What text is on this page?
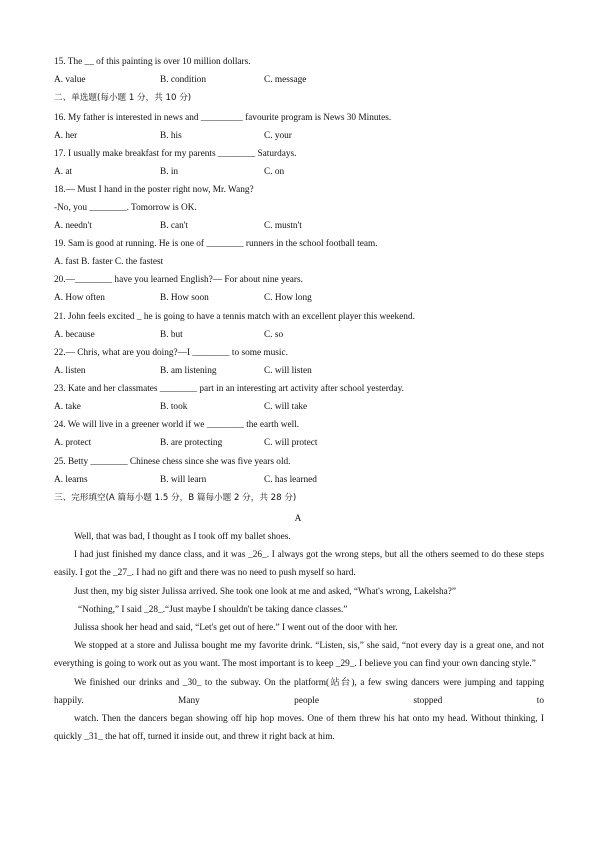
15. The __ of this painting is over 10 million dollars.
A. value	B. condition	C. message
二、单选题(每小题 1 分，共 10 分)
16. My father is interested in news and _________ favourite program is News 30 Minutes.
A. her	B. his	C. your
17. I usually make breakfast for my parents ________ Saturdays.
A. at	B. in	C. on
18.— Must I hand in the poster right now, Mr. Wang?
-No, you ________. Tomorrow is OK.
A. needn't	B. can't	C. mustn't
19. Sam is good at running. He is one of ________ runners in the school football team.
A. fast B. faster C. the fastest
20.—________ have you learned English?— For about nine years.
A. How often	B. How soon	C. How long
21. John feels excited _ he is going to have a tennis match with an excellent player this weekend.
A. because	B. but	C. so
22.— Chris, what are you doing?—I ________ to some music.
A. listen	B. am listening	C. will listen
23. Kate and her classmates ________ part in an interesting art activity after school yesterday.
A. take	B. took	C. will take
24. We will live in a greener world if we ________ the earth well.
A. protect	B. are protecting	C. will protect
25. Betty ________ Chinese chess since she was five years old.
A. learns	B. will learn	C. has learned
三、完形填空(A 篇每小题 1.5 分，B 篇每小题 2 分，共 28 分)
A

Well, that was bad, I thought as I took off my ballet shoes.

I had just finished my dance class, and it was _26_. I always got the wrong steps, but all the others seemed to do these steps easily. I got the _27_. I had no gift and there was no need to push myself so hard.

Just then, my big sister Julissa arrived. She took one look at me and asked, “What's wrong, Lakelsha?”

“Nothing,” I said _28_.“Just maybe I shouldn't be taking dance classes.”

Julissa shook her head and said, “Let's get out of here.” I went out of the door with her.

We stopped at a store and Julissa bought me my favorite drink. “Listen, sis,” she said, “not every day is a great one, and not everything is going to work out as you want. The most important is to keep _29_. I believe you can find your own dancing style.”

We finished our drinks and _30_ to the subway. On the platform(站台), a few swing dancers were jumping and tapping happily. Many people stopped to

watch. Then the dancers began showing off hip hop moves. One of them threw his hat onto my head. Without thinking, I quickly _31_ the hat off, turned it inside out, and threw it right back at him.
